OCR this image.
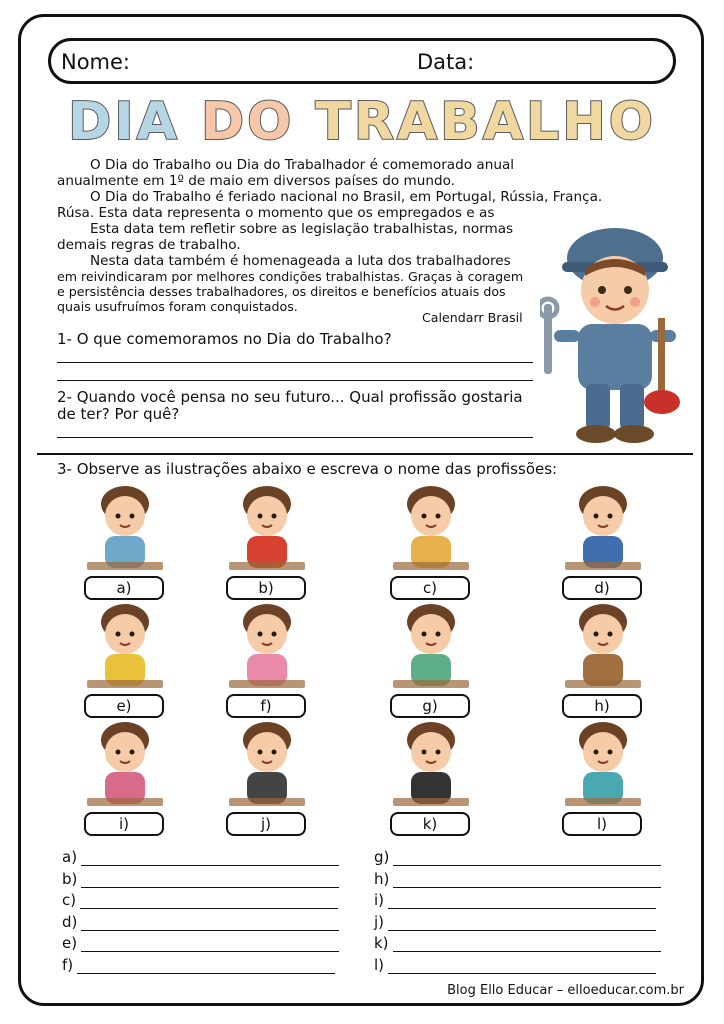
Nome:	Data:
DIA DO TRABALHO
O Dia do Trabalho ou Dia do Trabalhador é comemorado anual
anualmente em 1º de maio em diversos países do mundo.
O Dia do Trabalho é feriado nacional no Brasil, em Portugal, Rússia, França.
Rúsa. Esta data representa o momento que os empregados e as
Esta data tem refletir sobre as legislaçäo trabalhistas, normas
demais regras de trabalho.
Nesta data também é homenageada a luta dos trabalhadores
em reivindicaram por melhores condições trabalhistas. Graças à coragem
e persistência desses trabalhadores, os direitos e benefícios atuais dos
quais usufruímos foram conquistados.
Calendarr Brasil
1- O que comemoramos no Dia do Trabalho?
2- Quando você pensa no seu futuro... Qual profissão gostaria
de ter? Por quê?
3- Observe as ilustrações abaixo e escreva o nome das profissões:
a)	b)	c)	d)
e)	f)	g)	h)
i)	j)	k)	l)
a)
b)
c)
d)
e)
f)
g)
h)
i)
j)
k)
l)
Blog Ello Educar – elloeducar.com.br
